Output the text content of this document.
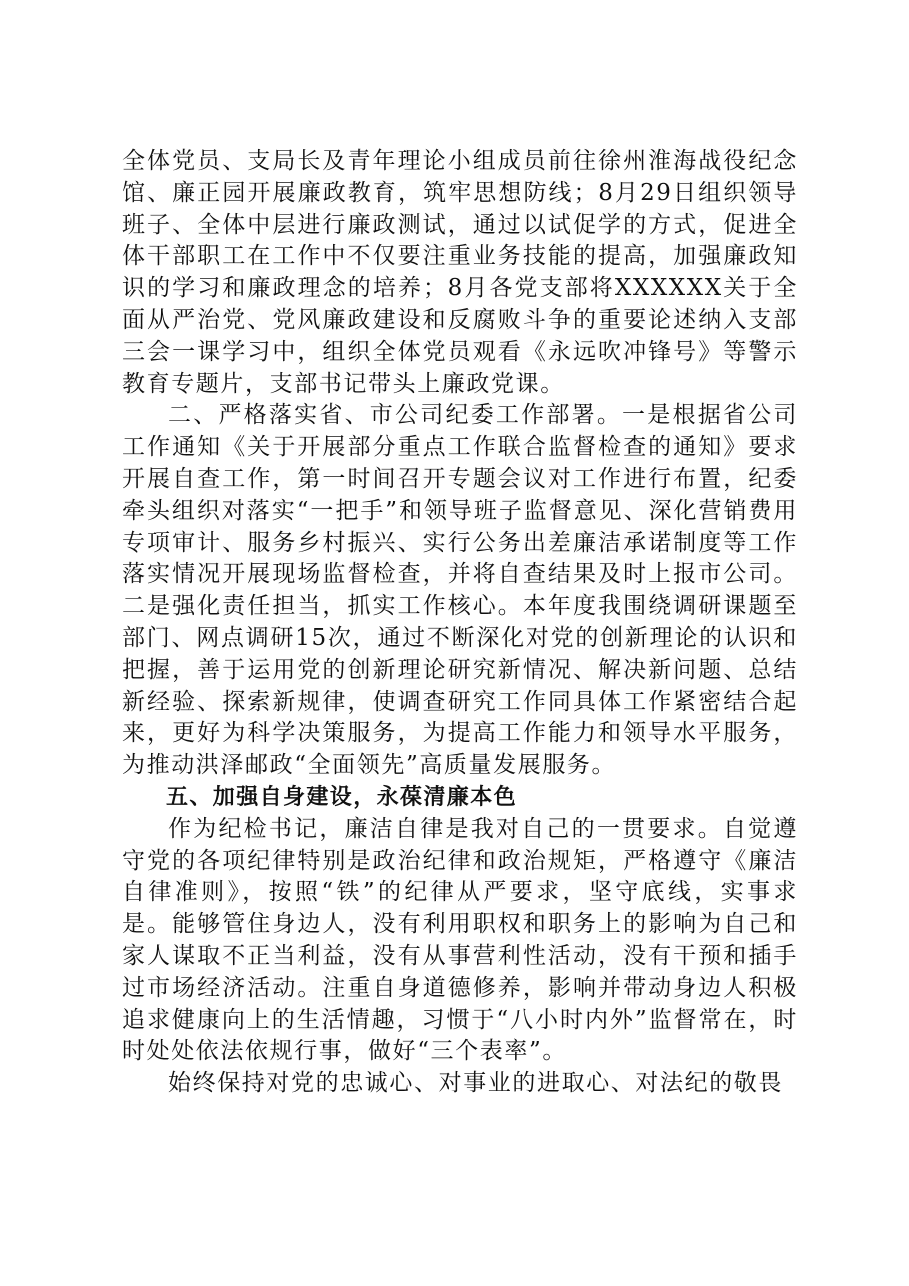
全体党员、支局长及青年理论小组成员前往徐州淮海战役纪念馆、廉正园开展廉政教育，筑牢思想防线；8月29日组织领导班子、全体中层进行廉政测试，通过以试促学的方式，促进全体干部职工在工作中不仅要注重业务技能的提高，加强廉政知识的学习和廉政理念的培养；8月各党支部将XXXXXX关于全面从严治党、党风廉政建设和反腐败斗争的重要论述纳入支部三会一课学习中，组织全体党员观看《永远吹冲锋号》等警示教育专题片，支部书记带头上廉政党课。

二、严格落实省、市公司纪委工作部署。一是根据省公司工作通知《关于开展部分重点工作联合监督检查的通知》要求开展自查工作，第一时间召开专题会议对工作进行布置，纪委牵头组织对落实“一把手”和领导班子监督意见、深化营销费用专项审计、服务乡村振兴、实行公务出差廉洁承诺制度等工作落实情况开展现场监督检查，并将自查结果及时上报市公司。二是强化责任担当，抓实工作核心。本年度我围绕调研课题至部门、网点调研15次，通过不断深化对党的创新理论的认识和把握，善于运用党的创新理论研究新情况、解决新问题、总结新经验、探索新规律，使调查研究工作同具体工作紧密结合起来，更好为科学决策服务，为提高工作能力和领导水平服务，为推动洪泽邮政“全面领先”高质量发展服务。

五、加强自身建设，永葆清廉本色

作为纪检书记，廉洁自律是我对自己的一贯要求。自觉遵守党的各项纪律特别是政治纪律和政治规矩，严格遵守《廉洁自律准则》，按照“铁”的纪律从严要求，坚守底线，实事求是。能够管住身边人，没有利用职权和职务上的影响为自己和家人谋取不正当利益，没有从事营利性活动，没有干预和插手过市场经济活动。注重自身道德修养，影响并带动身边人积极追求健康向上的生活情趣，习惯于“八小时内外”监督常在，时时处处依法依规行事，做好“三个表率”。

始终保持对党的忠诚心、对事业的进取心、对法纪的敬畏
